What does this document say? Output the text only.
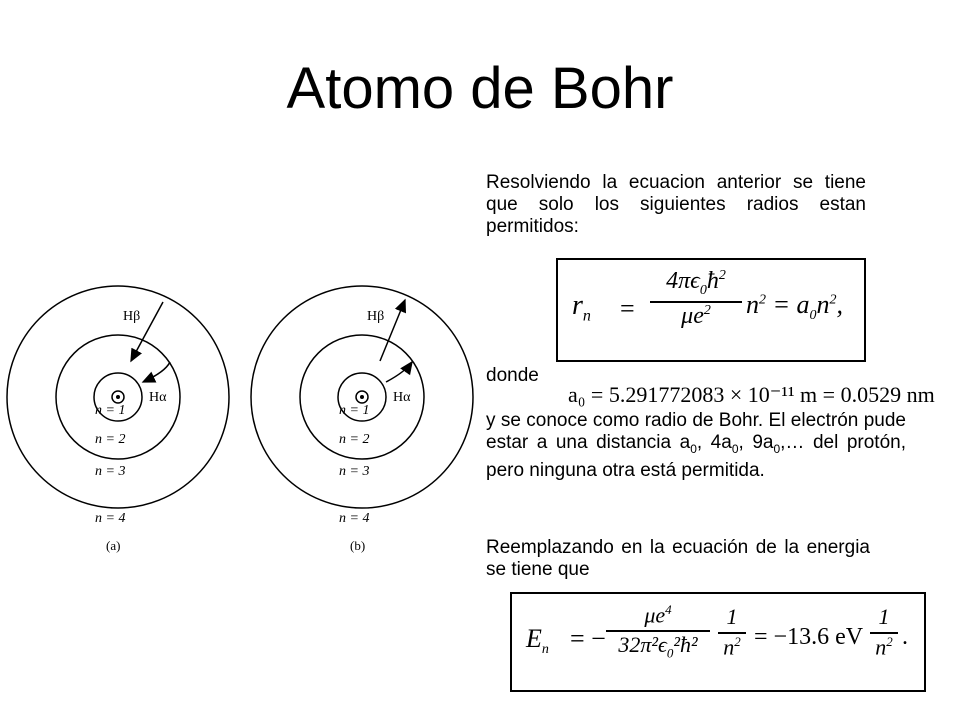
Atomo de Bohr
Hβ
Hα
n = 1
n = 2
n = 3
n = 4
(a)
Hβ
Hα
n = 1
n = 2
n = 3
n = 4
(b)
Resolviendo la ecuacion anterior se tiene que solo los siguientes radios estan permitidos:
$r_n$ =
$4\pi\epsilon_0ħ^2$
$\mu e^2$	$n^2 = a_0n^2$,
donde
a₀ = 5.291772083 × 10⁻¹¹ m = 0.0529 nm
y se conoce como radio de Bohr. El electrón pude estar a una distancia $a_0$, $4a_0$, $9a_0,\dots$ del protón, pero ninguna otra está permitida.
Reemplazando en la ecuación de la energia se tiene que
$E_n$ = −
$\mu e^4$
$32\pi^2\epsilon_0^2ħ^2$
1
$n^2 = -13.6$ eV
1
$n^2$ .
